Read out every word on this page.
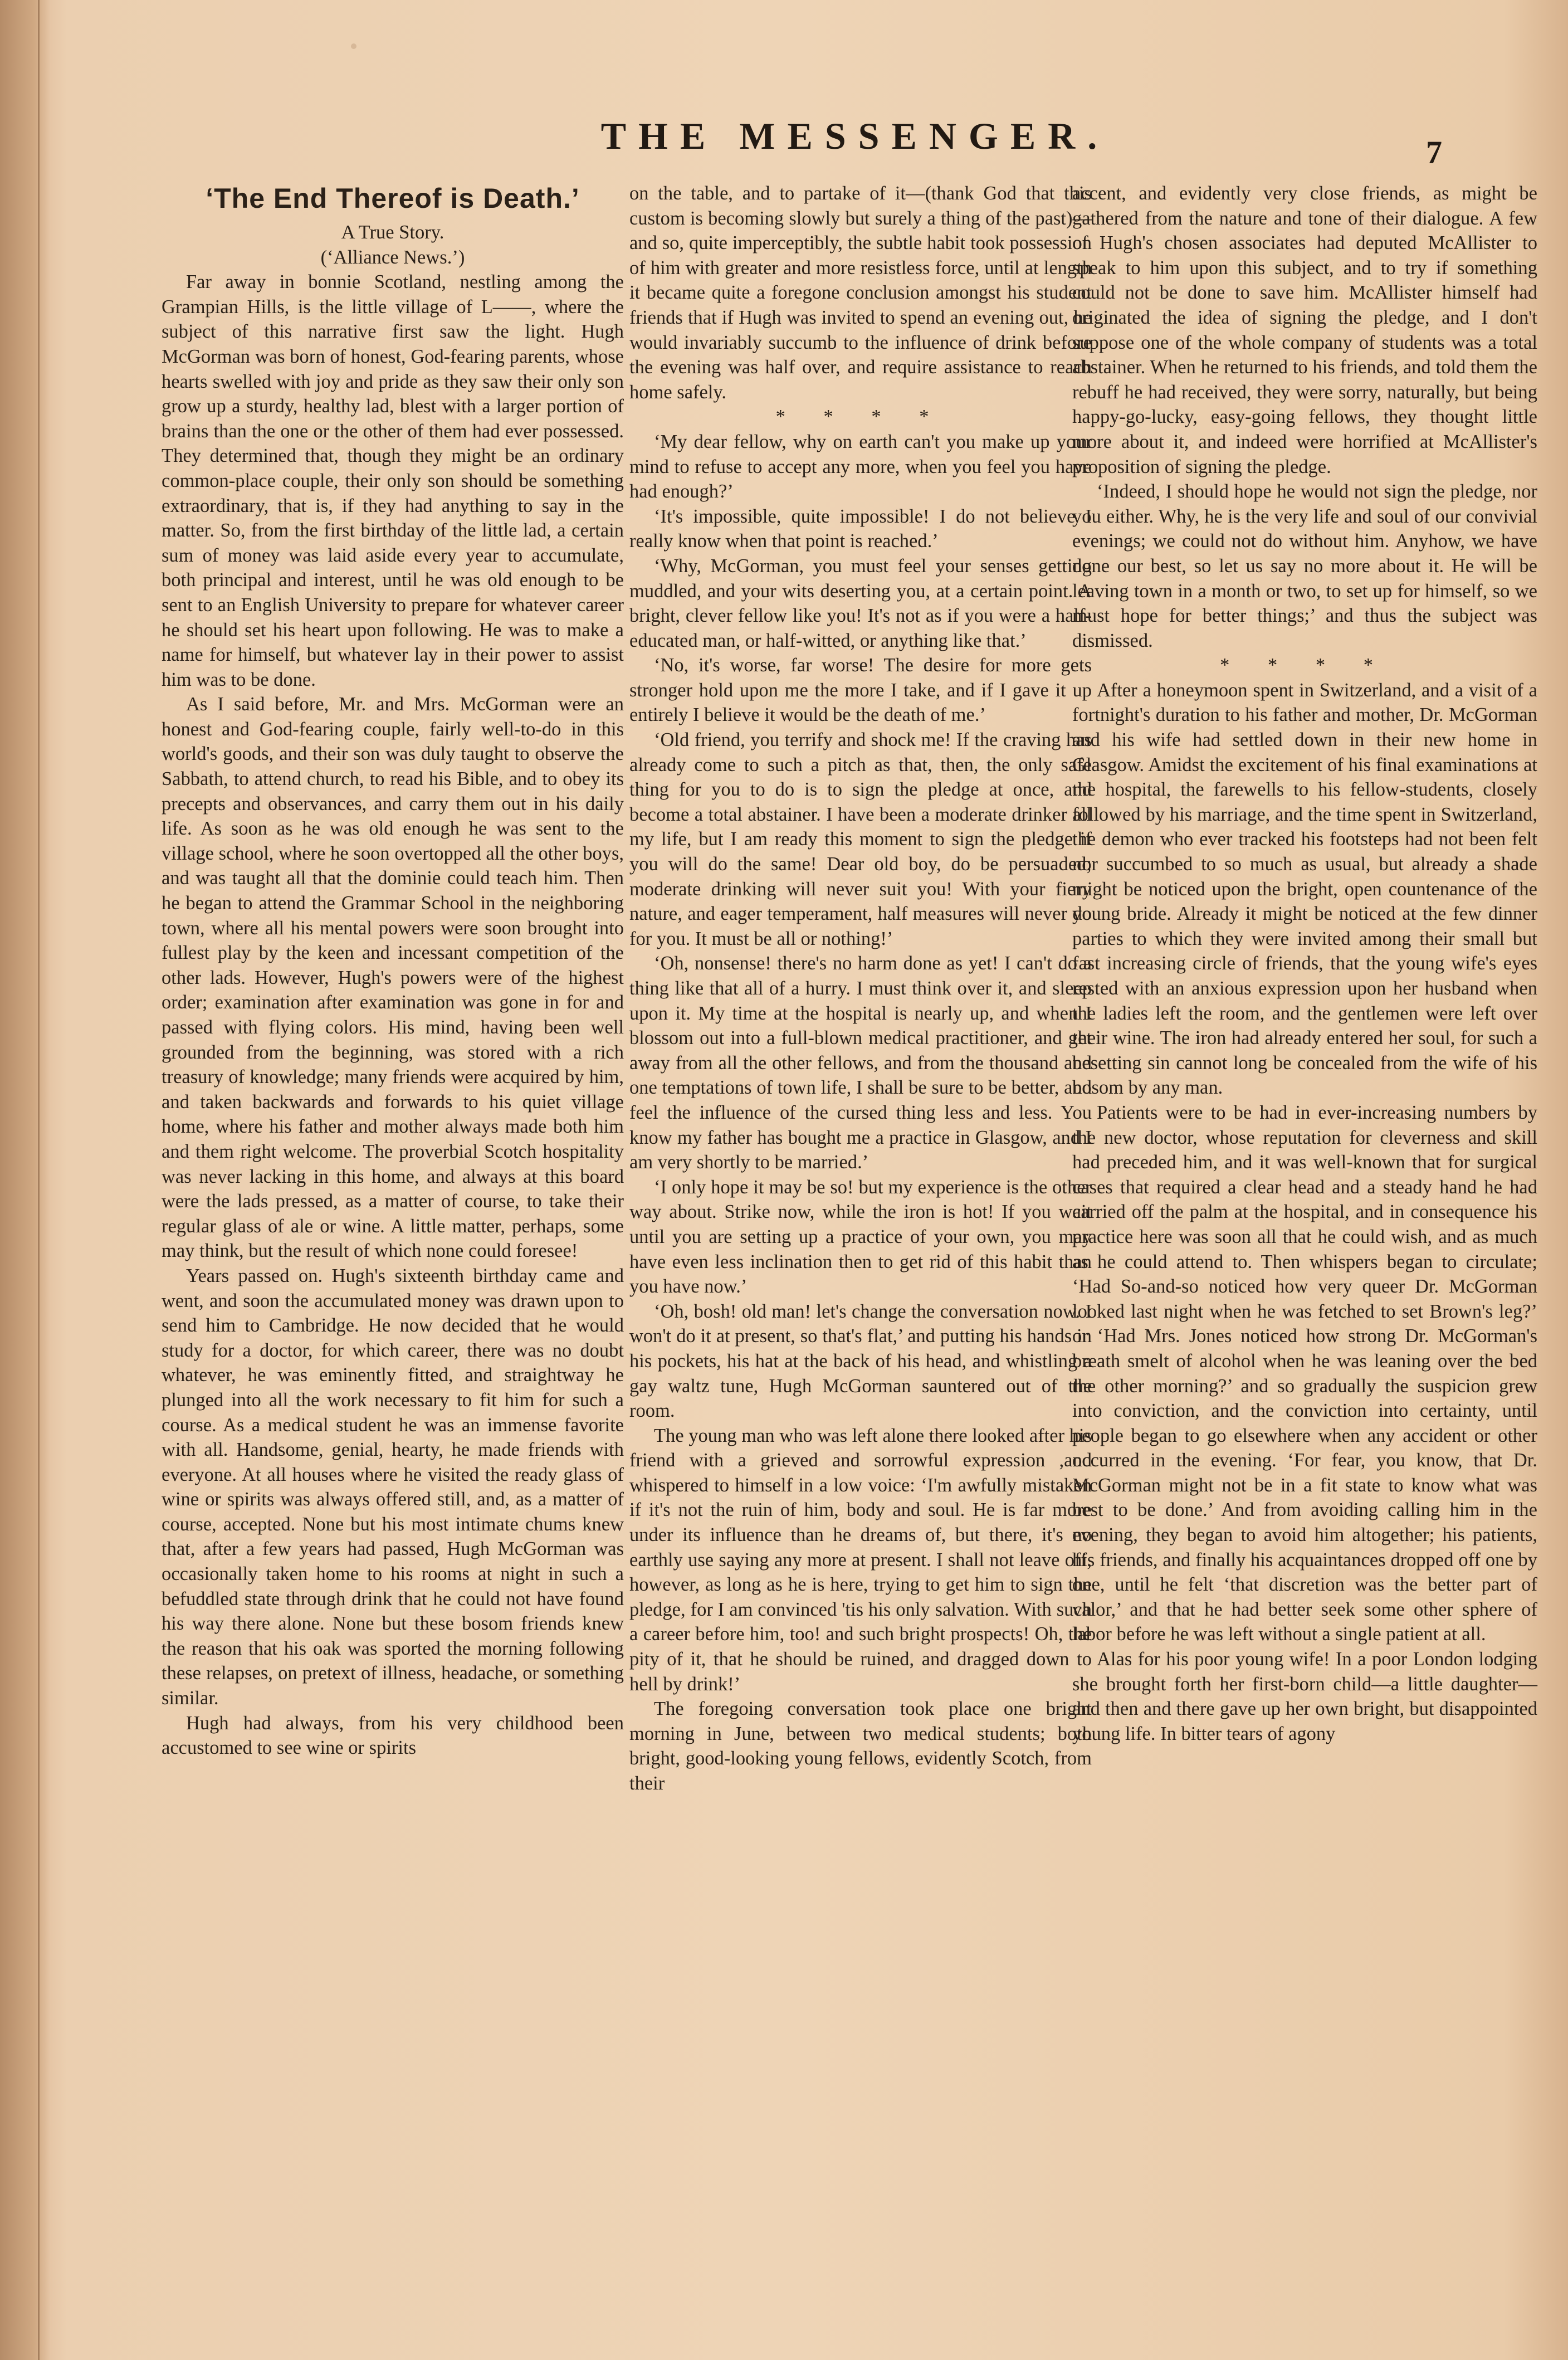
THE MESSENGER.	7
‘The End Thereof is Death.’

A True Story.

(‘Alliance News.’)

Far away in bonnie Scotland, nestling among the Grampian Hills, is the little village of L——, where the subject of this narrative first saw the light. Hugh McGorman was born of honest, God-fearing parents, whose hearts swelled with joy and pride as they saw their only son grow up a sturdy, healthy lad, blest with a larger portion of brains than the one or the other of them had ever possessed. They determined that, though they might be an ordinary common-place couple, their only son should be something extraordinary, that is, if they had anything to say in the matter. So, from the first birthday of the little lad, a certain sum of money was laid aside every year to accumulate, both principal and interest, until he was old enough to be sent to an English University to prepare for whatever career he should set his heart upon following. He was to make a name for himself, but whatever lay in their power to assist him was to be done.

As I said before, Mr. and Mrs. McGorman were an honest and God-fearing couple, fairly well-to-do in this world's goods, and their son was duly taught to observe the Sabbath, to attend church, to read his Bible, and to obey its precepts and observances, and carry them out in his daily life. As soon as he was old enough he was sent to the village school, where he soon overtopped all the other boys, and was taught all that the dominie could teach him. Then he began to attend the Grammar School in the neighboring town, where all his mental powers were soon brought into fullest play by the keen and incessant competition of the other lads. However, Hugh's powers were of the highest order; examination after examination was gone in for and passed with flying colors. His mind, having been well grounded from the beginning, was stored with a rich treasury of knowledge; many friends were acquired by him, and taken backwards and forwards to his quiet village home, where his father and mother always made both him and them right welcome. The proverbial Scotch hospitality was never lacking in this home, and always at this board were the lads pressed, as a matter of course, to take their regular glass of ale or wine. A little matter, perhaps, some may think, but the result of which none could foresee!

Years passed on. Hugh's sixteenth birthday came and went, and soon the accumulated money was drawn upon to send him to Cambridge. He now decided that he would study for a doctor, for which career, there was no doubt whatever, he was eminently fitted, and straightway he plunged into all the work necessary to fit him for such a course. As a medical student he was an immense favorite with all. Handsome, genial, hearty, he made friends with everyone. At all houses where he visited the ready glass of wine or spirits was always offered still, and, as a matter of course, accepted. None but his most intimate chums knew that, after a few years had passed, Hugh McGorman was occasionally taken home to his rooms at night in such a befuddled state through drink that he could not have found his way there alone. None but these bosom friends knew the reason that his oak was sported the morning following these relapses, on pretext of illness, headache, or something similar.

Hugh had always, from his very childhood been accustomed to see wine or spirits

on the table, and to partake of it—(thank God that this custom is becoming slowly but surely a thing of the past)—and so, quite imperceptibly, the subtle habit took possession of him with greater and more resistless force, until at length it became quite a foregone conclusion amongst his student friends that if Hugh was invited to spend an evening out, he would invariably succumb to the influence of drink before the evening was half over, and require assistance to reach home safely.

* * * *

‘My dear fellow, why on earth can't you make up your mind to refuse to accept any more, when you feel you have had enough?’

‘It's impossible, quite impossible! I do not believe I really know when that point is reached.’

‘Why, McGorman, you must feel your senses getting muddled, and your wits deserting you, at a certain point. A bright, clever fellow like you! It's not as if you were a half-educated man, or half-witted, or anything like that.’

‘No, it's worse, far worse! The desire for more gets stronger hold upon me the more I take, and if I gave it up entirely I believe it would be the death of me.’

‘Old friend, you terrify and shock me! If the craving has already come to such a pitch as that, then, the only safe thing for you to do is to sign the pledge at once, and become a total abstainer. I have been a moderate drinker all my life, but I am ready this moment to sign the pledge if you will do the same! Dear old boy, do be persuaded; moderate drinking will never suit you! With your fiery nature, and eager temperament, half measures will never do for you. It must be all or nothing!’

‘Oh, nonsense! there's no harm done as yet! I can't do a thing like that all of a hurry. I must think over it, and sleep upon it. My time at the hospital is nearly up, and when I blossom out into a full-blown medical practitioner, and get away from all the other fellows, and from the thousand and one temptations of town life, I shall be sure to be better, and feel the influence of the cursed thing less and less. You know my father has bought me a practice in Glasgow, and I am very shortly to be married.’

‘I only hope it may be so! but my experience is the other way about. Strike now, while the iron is hot! If you wait until you are setting up a practice of your own, you may have even less inclination then to get rid of this habit than you have now.’

‘Oh, bosh! old man! let's change the conversation now. I won't do it at present, so that's flat,’ and putting his hands in his pockets, his hat at the back of his head, and whistling a gay waltz tune, Hugh McGorman sauntered out of the room.

The young man who was left alone there looked after his friend with a grieved and sorrowful expression ,and whispered to himself in a low voice: ‘I'm awfully mistaken if it's not the ruin of him, body and soul. He is far more under its influence than he dreams of, but there, it's no earthly use saying any more at present. I shall not leave off, however, as long as he is here, trying to get him to sign the pledge, for I am convinced 'tis his only salvation. With such a career before him, too! and such bright prospects! Oh, the pity of it, that he should be ruined, and dragged down to hell by drink!’

The foregoing conversation took place one bright morning in June, between two medical students; both bright, good-looking young fellows, evidently Scotch, from their

accent, and evidently very close friends, as might be gathered from the nature and tone of their dialogue. A few of Hugh's chosen associates had deputed McAllister to speak to him upon this subject, and to try if something could not be done to save him. McAllister himself had originated the idea of signing the pledge, and I don't suppose one of the whole company of students was a total abstainer. When he returned to his friends, and told them the rebuff he had received, they were sorry, naturally, but being happy-go-lucky, easy-going fellows, they thought little more about it, and indeed were horrified at McAllister's proposition of signing the pledge.

‘Indeed, I should hope he would not sign the pledge, nor you either. Why, he is the very life and soul of our convivial evenings; we could not do without him. Anyhow, we have done our best, so let us say no more about it. He will be leaving town in a month or two, to set up for himself, so we must hope for better things;’ and thus the subject was dismissed.

* * * *

After a honeymoon spent in Switzerland, and a visit of a fortnight's duration to his father and mother, Dr. McGorman and his wife had settled down in their new home in Glasgow. Amidst the excitement of his final examinations at the hospital, the farewells to his fellow-students, closely followed by his marriage, and the time spent in Switzerland, the demon who ever tracked his footsteps had not been felt nor succumbed to so much as usual, but already a shade might be noticed upon the bright, open countenance of the young bride. Already it might be noticed at the few dinner parties to which they were invited among their small but fast increasing circle of friends, that the young wife's eyes rested with an anxious expression upon her husband when the ladies left the room, and the gentlemen were left over their wine. The iron had already entered her soul, for such a besetting sin cannot long be concealed from the wife of his bosom by any man.

Patients were to be had in ever-increasing numbers by the new doctor, whose reputation for cleverness and skill had preceded him, and it was well-known that for surgical cases that required a clear head and a steady hand he had carried off the palm at the hospital, and in consequence his practice here was soon all that he could wish, and as much as he could attend to. Then whispers began to circulate; ‘Had So-and-so noticed how very queer Dr. McGorman looked last night when he was fetched to set Brown's leg?’ or ‘Had Mrs. Jones noticed how strong Dr. McGorman's breath smelt of alcohol when he was leaning over the bed the other morning?’ and so gradually the suspicion grew into conviction, and the conviction into certainty, until people began to go elsewhere when any accident or other occurred in the evening. ‘For fear, you know, that Dr. McGorman might not be in a fit state to know what was best to be done.’ And from avoiding calling him in the evening, they began to avoid him altogether; his patients, his friends, and finally his acquaintances dropped off one by one, until he felt ‘that discretion was the better part of valor,’ and that he had better seek some other sphere of labor before he was left without a single patient at all.

Alas for his poor young wife! In a poor London lodging she brought forth her first-born child—a little daughter—and then and there gave up her own bright, but disappointed young life. In bitter tears of agony
